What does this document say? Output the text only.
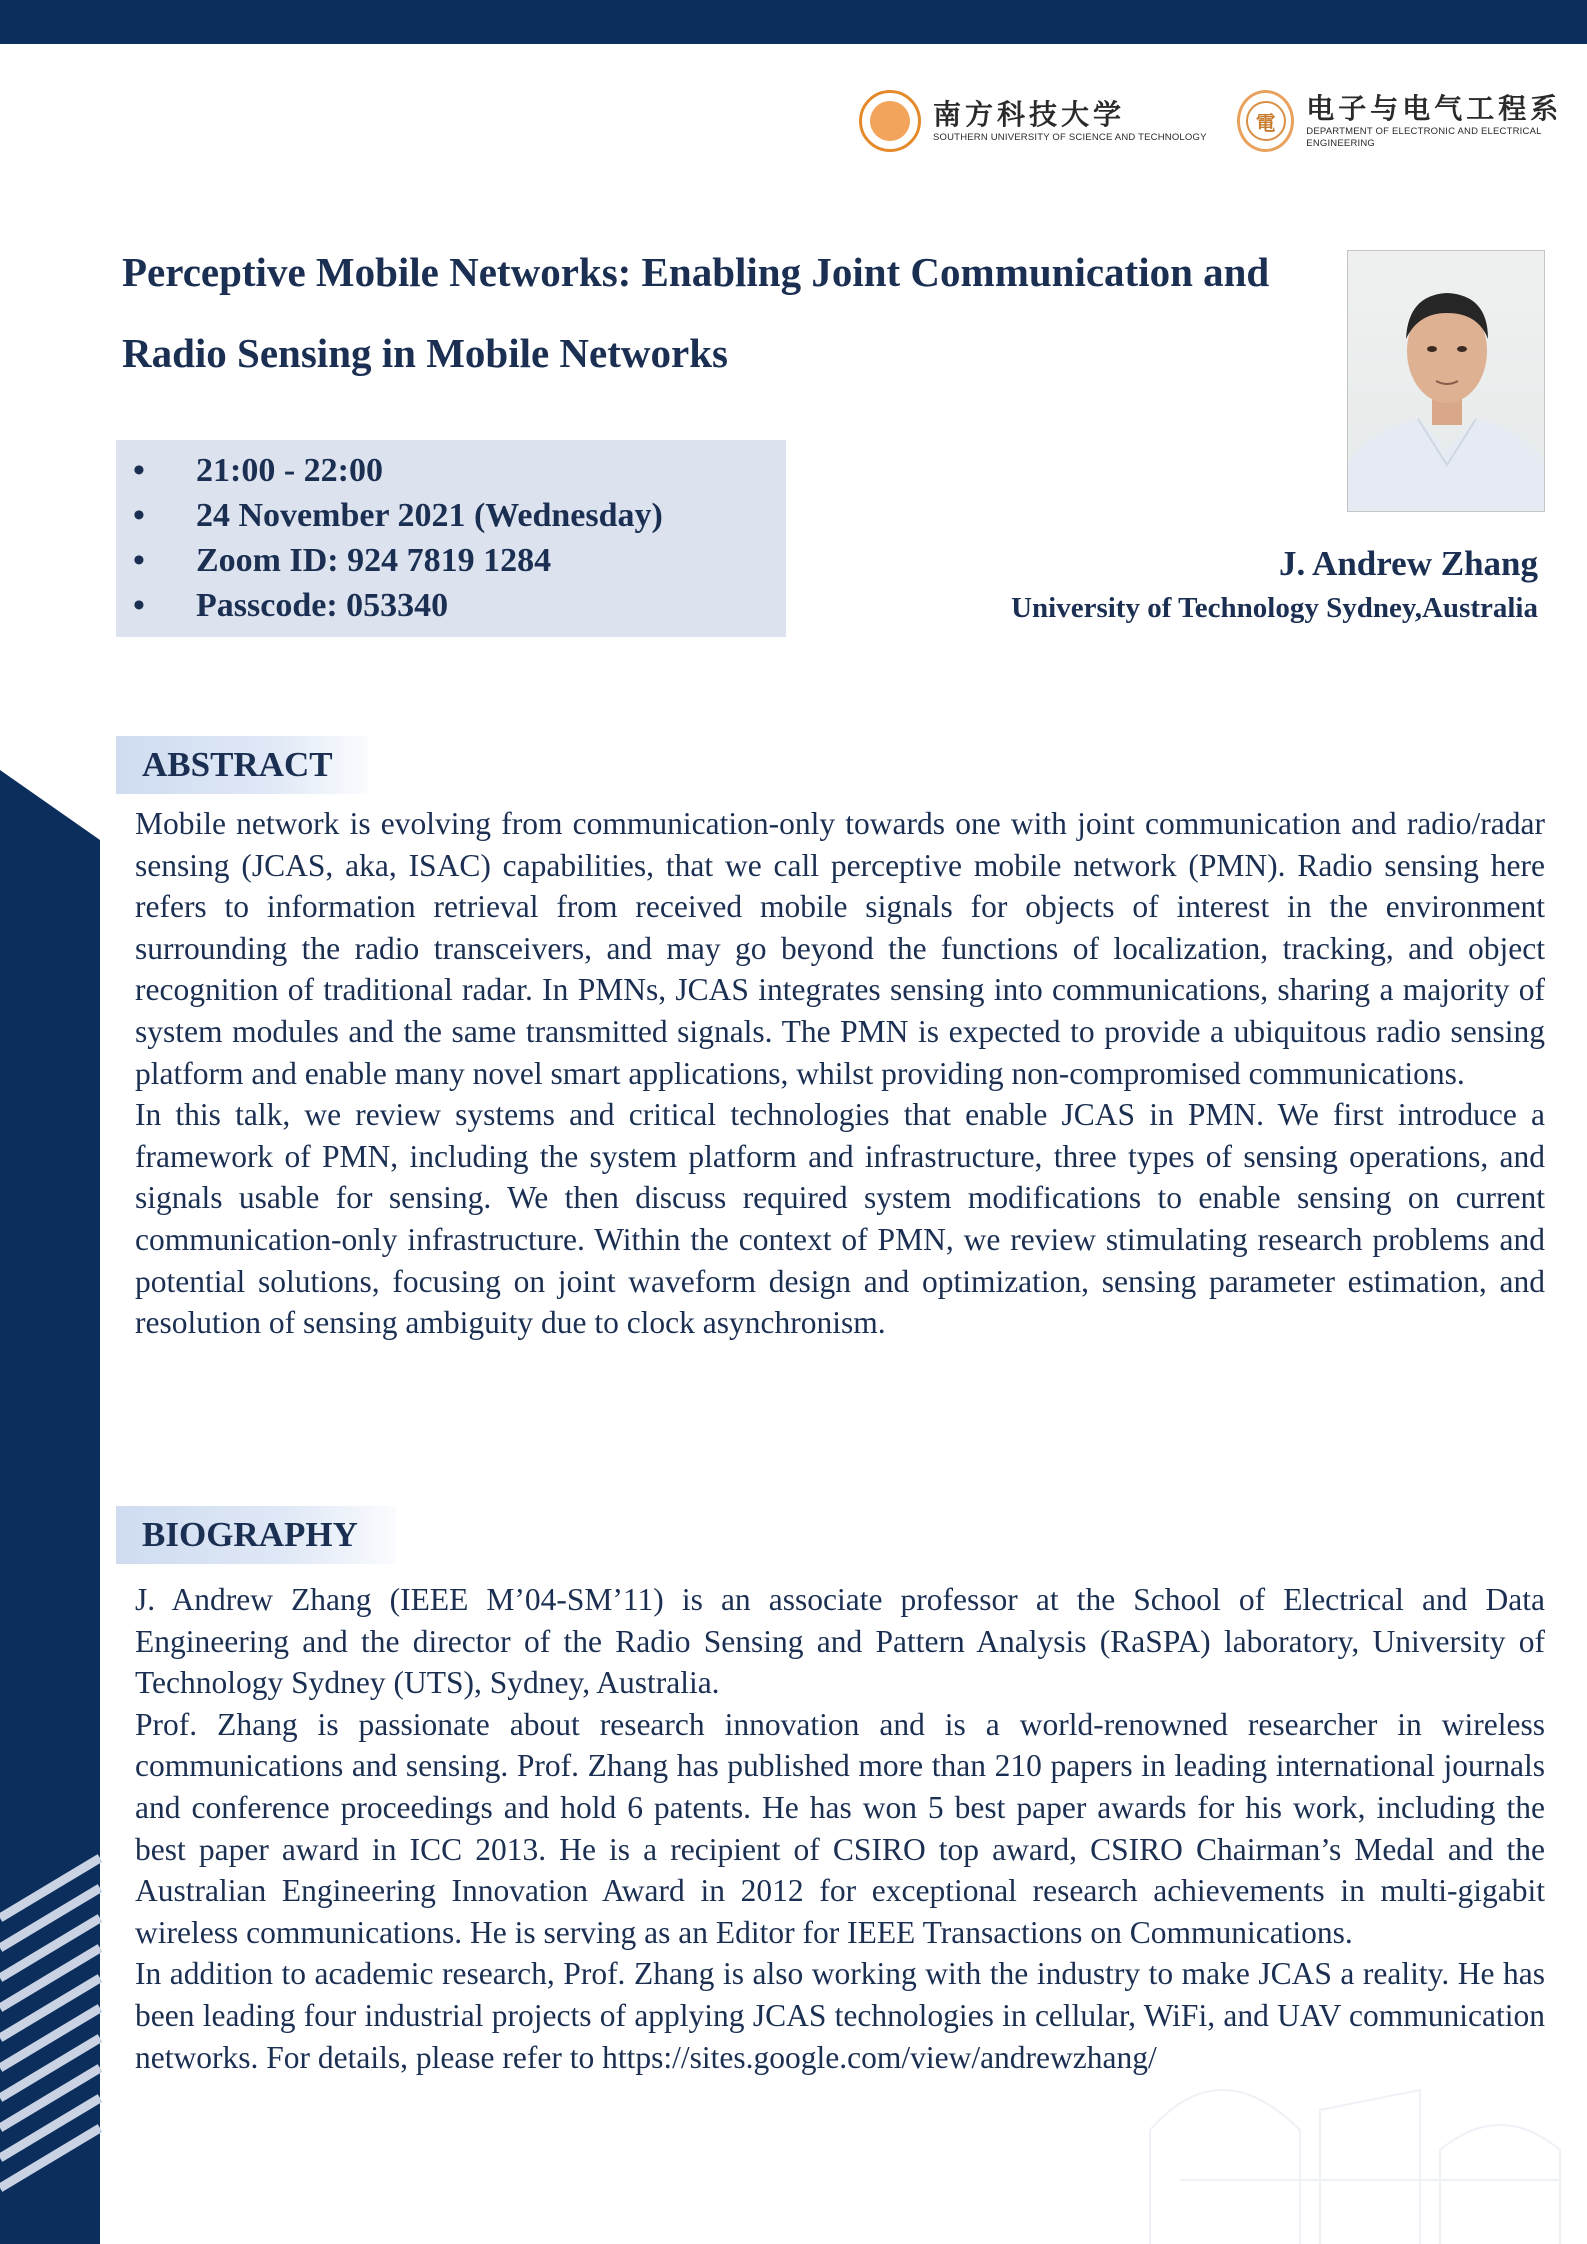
南方科技大学
SOUTHERN UNIVERSITY OF SCIENCE AND TECHNOLOGY
電	电子与电气工程系
DEPARTMENT OF ELECTRONIC AND ELECTRICAL ENGINEERING
Perceptive Mobile Networks: Enabling Joint Communication and Radio Sensing in Mobile Networks
J. Andrew Zhang
University of Technology Sydney,Australia
•	21:00 - 22:00
•	24 November 2021 (Wednesday)
•	Zoom ID: 924 7819 1284
•	Passcode: 053340
ABSTRACT

Mobile network is evolving from communication-only towards one with joint communication and radio/radar sensing (JCAS, aka, ISAC) capabilities, that we call perceptive mobile network (PMN). Radio sensing here refers to information retrieval from received mobile signals for objects of interest in the environment surrounding the radio transceivers, and may go beyond the functions of localization, tracking, and object recognition of traditional radar. In PMNs, JCAS integrates sensing into communications, sharing a majority of system modules and the same transmitted signals. The PMN is expected to provide a ubiquitous radio sensing platform and enable many novel smart applications, whilst providing non-compromised communications.

In this talk, we review systems and critical technologies that enable JCAS in PMN. We first introduce a framework of PMN, including the system platform and infrastructure, three types of sensing operations, and signals usable for sensing. We then discuss required system modifications to enable sensing on current communication-only infrastructure. Within the context of PMN, we review stimulating research problems and potential solutions, focusing on joint waveform design and optimization, sensing parameter estimation, and resolution of sensing ambiguity due to clock asynchronism.

BIOGRAPHY

J. Andrew Zhang (IEEE M’04-SM’11) is an associate professor at the School of Electrical and Data Engineering and the director of the Radio Sensing and Pattern Analysis (RaSPA) laboratory, University of Technology Sydney (UTS), Sydney, Australia.

Prof. Zhang is passionate about research innovation and is a world-renowned researcher in wireless communications and sensing. Prof. Zhang has published more than 210 papers in leading international journals and conference proceedings and hold 6 patents. He has won 5 best paper awards for his work, including the best paper award in ICC 2013. He is a recipient of CSIRO top award, CSIRO Chairman’s Medal and the Australian Engineering Innovation Award in 2012 for exceptional research achievements in multi-gigabit wireless communications. He is serving as an Editor for IEEE Transactions on Communications.

In addition to academic research, Prof. Zhang is also working with the industry to make JCAS a reality. He has been leading four industrial projects of applying JCAS technologies in cellular, WiFi, and UAV communication networks. For details, please refer to https://sites.google.com/view/andrewzhang/
